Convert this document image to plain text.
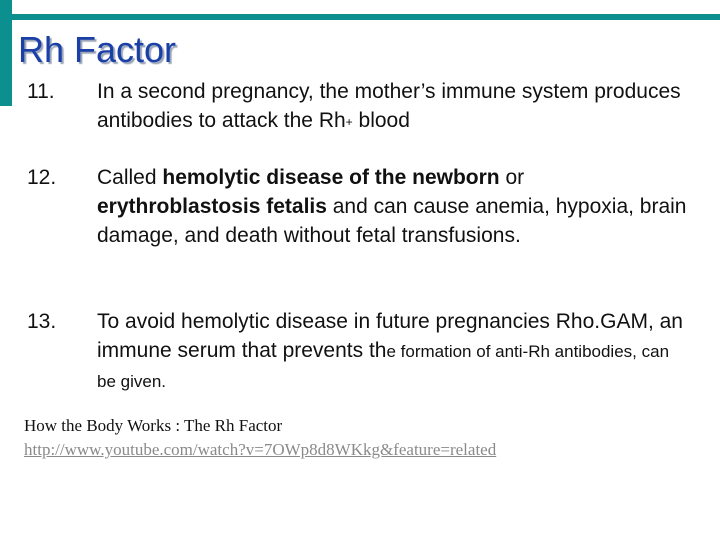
Rh Factor
11. In a second pregnancy, the mother’s immune system produces antibodies to attack the Rh+ blood
12. Called hemolytic disease of the newborn or erythroblastosis fetalis and can cause anemia, hypoxia, brain damage, and death without fetal transfusions.
13. To avoid hemolytic disease in future pregnancies Rho.GAM, an immune serum that prevents the formation of anti-Rh antibodies, can be given.
How the Body Works : The Rh Factor
http://www.youtube.com/watch?v=7OWp8d8WKkg&feature=related
